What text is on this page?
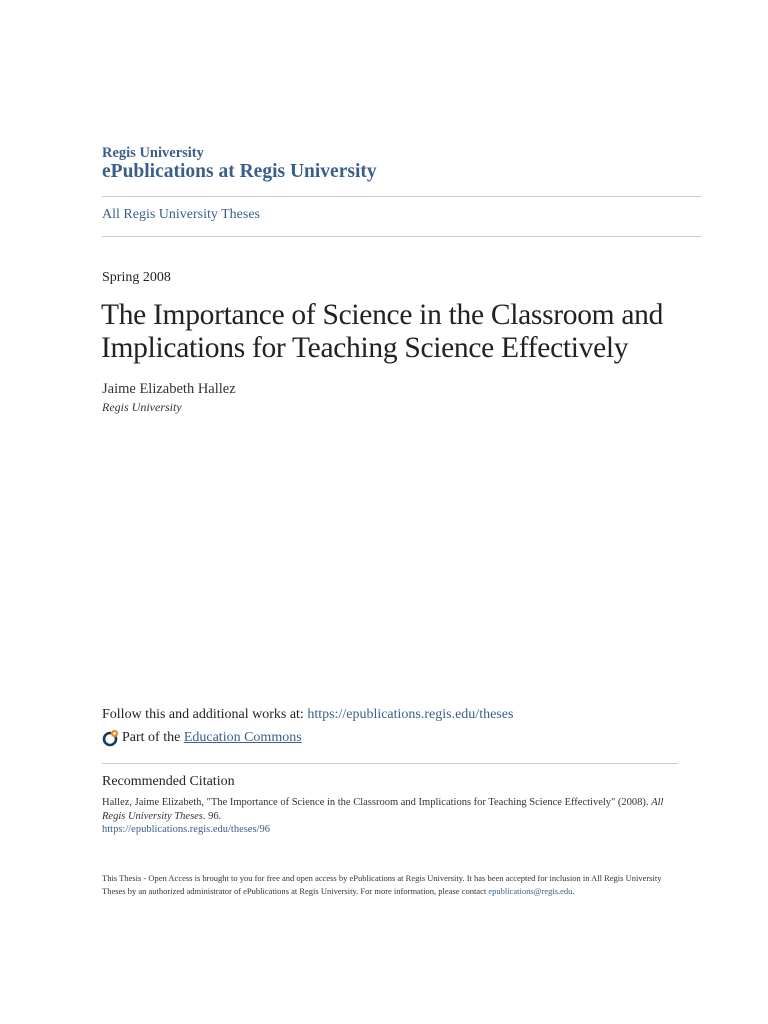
Regis University
ePublications at Regis University
All Regis University Theses
Spring 2008
The Importance of Science in the Classroom and Implications for Teaching Science Effectively
Jaime Elizabeth Hallez
Regis University
Follow this and additional works at: https://epublications.regis.edu/theses
Part of the
Education Commons
Recommended Citation
Hallez, Jaime Elizabeth, "The Importance of Science in the Classroom and Implications for Teaching Science Effectively" (2008). All Regis University Theses. 96.
https://epublications.regis.edu/theses/96
This Thesis - Open Access is brought to you for free and open access by ePublications at Regis University. It has been accepted for inclusion in All Regis University Theses by an authorized administrator of ePublications at Regis University. For more information, please contact epublications@regis.edu.
